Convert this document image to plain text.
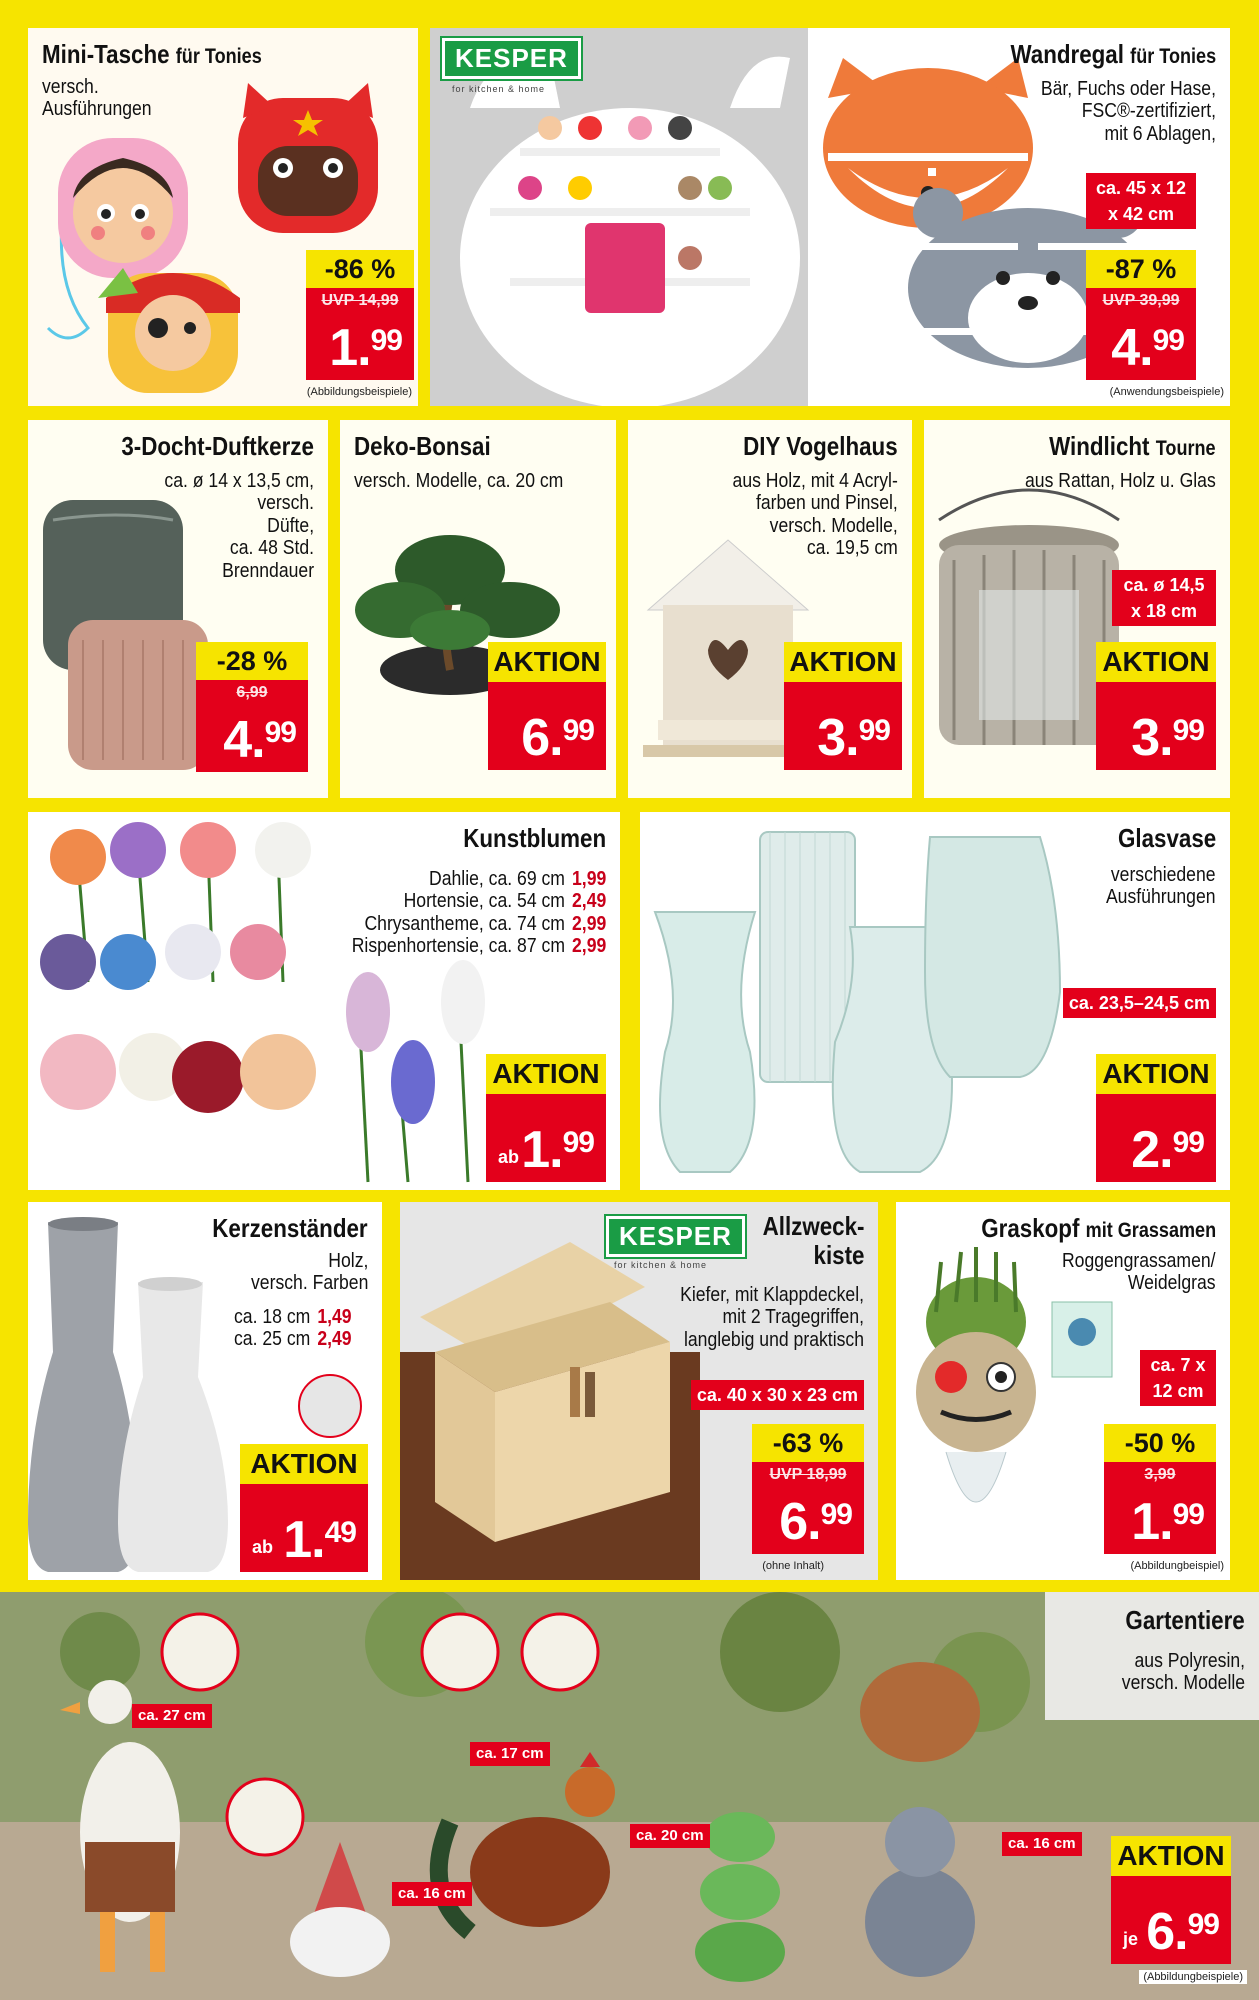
Mini-Tasche für Tonies
versch.
Ausführungen
-86 %
UVP 14,99
1.99
(Abbildungsbeispiele)
KESPER
for kitchen & home
Wandregal für Tonies
Bär, Fuchs oder Hase,
FSC®-zertifiziert,
mit 6 Ablagen,
ca. 45 x 12
x 42 cm
-87 %
UVP 39,99
4.99
(Anwendungsbeispiele)
3-Docht-Duftkerze
ca. ø 14 x 13,5 cm,
versch.
Düfte,
ca. 48 Std.
Brenndauer
-28 %
6,99
4.99
Deko-Bonsai
versch. Modelle, ca. 20 cm
AKTION
6.99
DIY Vogelhaus
aus Holz, mit 4 Acryl-
farben und Pinsel,
versch. Modelle,
ca. 19,5 cm
AKTION
3.99
Windlicht Tourne
aus Rattan, Holz u. Glas
ca. ø 14,5
x 18 cm
AKTION
3.99
Kunstblumen
Dahlie, ca. 69 cm 1,99
Hortensie, ca. 54 cm 2,49
Chrysantheme, ca. 74 cm 2,99
Rispenhortensie, ca. 87 cm 2,99
AKTION
ab 1.99
Glasvase
verschiedene
Ausführungen
ca. 23,5–24,5 cm
AKTION
2.99
Kerzenständer
Holz,
versch. Farben
ca. 18 cm 1,49
ca. 25 cm 2,49
AKTION
ab 1.49
KESPER
for kitchen & home
Allzweck-
kiste
Kiefer, mit Klappdeckel,
mit 2 Tragegriffen,
langlebig und praktisch
ca. 40 x 30 x 23 cm
-63 %
UVP 18,99
6.99
(ohne Inhalt)
Graskopf mit Grassamen
Roggengrassamen/
Weidelgras
ca. 7 x
12 cm
-50 %
3,99
1.99
(Abbildungbeispiel)
Gartentiere
aus Polyresin,
versch. Modelle
ca. 27 cm
ca. 17 cm
ca. 20 cm
ca. 16 cm
ca. 16 cm AKTION
je 6.99
(Abbildungbeispiele)
